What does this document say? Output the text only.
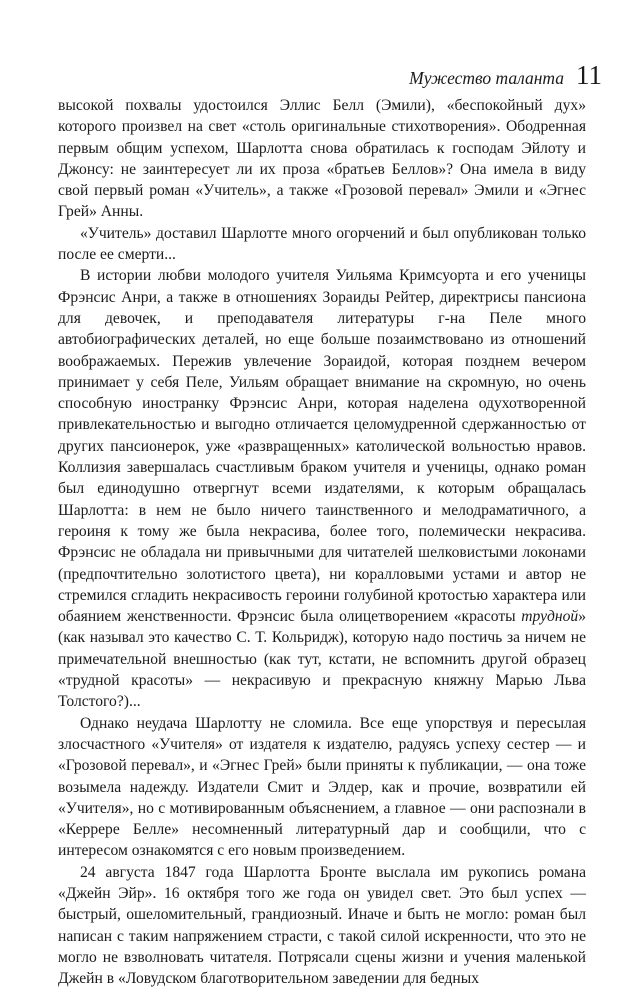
Мужество таланта 11

высокой похвалы удостоился Эллис Белл (Эмили), «беспокойный дух» которого произвел на свет «столь оригинальные стихотворения». Ободренная первым общим успехом, Шарлотта снова обратилась к господам Эйлоту и Джонсу: не заинтересует ли их проза «братьев Беллов»? Она имела в виду свой первый роман «Учитель», а также «Грозовой перевал» Эмили и «Эгнес Грей» Анны.

«Учитель» доставил Шарлотте много огорчений и был опубликован только после ее смерти...

В истории любви молодого учителя Уильяма Кримсуорта и его ученицы Фрэнсис Анри, а также в отношениях Зораиды Рейтер, директрисы пансиона для девочек, и преподавателя литературы г-на Пеле много автобиографических деталей, но еще больше позаимствовано из отношений воображаемых. Пережив увлечение Зораидой, которая позднем вечером принимает у себя Пеле, Уильям обращает внимание на скромную, но очень способную иностранку Фрэнсис Анри, которая наделена одухотворенной привлекательностью и выгодно отличается целомудренной сдержанностью от других пансионерок, уже «развращенных» католической вольностью нравов. Коллизия завершалась счастливым браком учителя и ученицы, однако роман был единодушно отвергнут всеми издателями, к которым обращалась Шарлотта: в нем не было ничего таинственного и мелодраматичного, а героиня к тому же была некрасива, более того, полемически некрасива. Фрэнсис не обладала ни привычными для читателей шелковистыми локонами (предпочтительно золотистого цвета), ни коралловыми устами и автор не стремился сгладить некрасивость героини голубиной кротостью характера или обаянием женственности. Фрэнсис была олицетворением «красоты трудной» (как называл это качество С. Т. Кольридж), которую надо постичь за ничем не примечательной внешностью (как тут, кстати, не вспомнить другой образец «трудной красоты» — некрасивую и прекрасную княжну Марью Льва Толстого?)...

Однако неудача Шарлотту не сломила. Все еще упорствуя и пересылая злосчастного «Учителя» от издателя к издателю, радуясь успеху сестер — и «Грозовой перевал», и «Эгнес Грей» были приняты к публикации, — она тоже возымела надежду. Издатели Смит и Элдер, как и прочие, возвратили ей «Учителя», но с мотивированным объяснением, а главное — они распознали в «Керрере Белле» несомненный литературный дар и сообщили, что с интересом ознакомятся с его новым произведением.

24 августа 1847 года Шарлотта Бронте выслала им рукопись романа «Джейн Эйр». 16 октября того же года он увидел свет. Это был успех — быстрый, ошеломительный, грандиозный. Иначе и быть не могло: роман был написан с таким напряжением страсти, с такой силой искренности, что это не могло не взволновать читателя. Потрясали сцены жизни и учения маленькой Джейн в «Ловудском благотворительном заведении для бедных
